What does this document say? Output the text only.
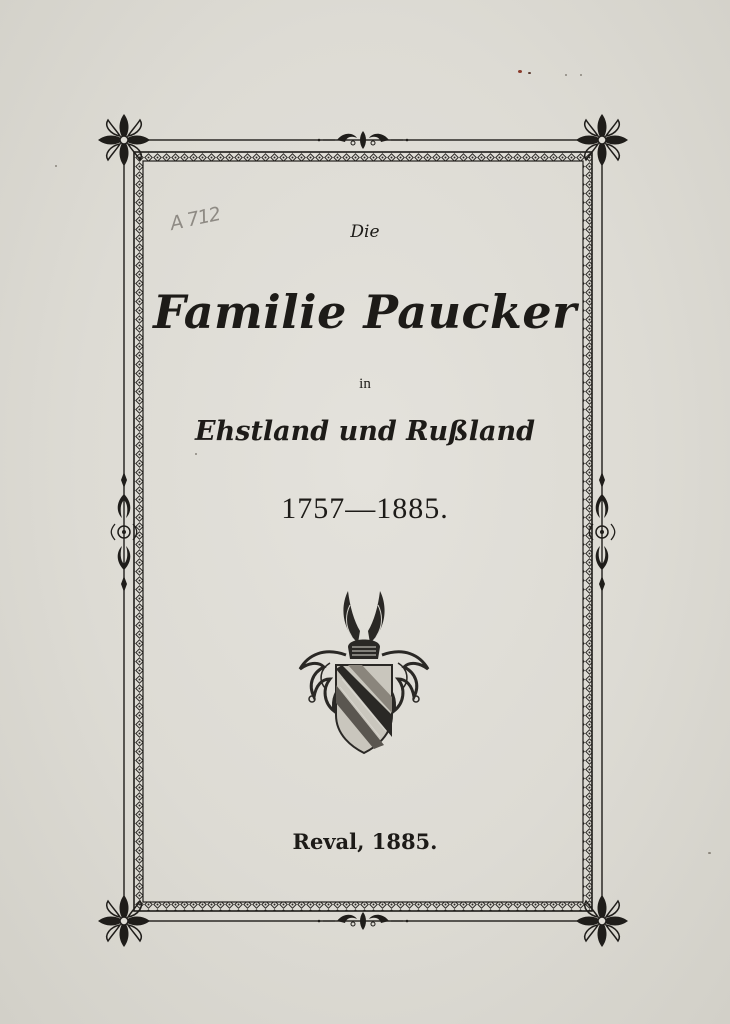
A 712	Die
Familie Paucker
in
Ehstland und Rußland
1757—1885.
Reval, 1885.
